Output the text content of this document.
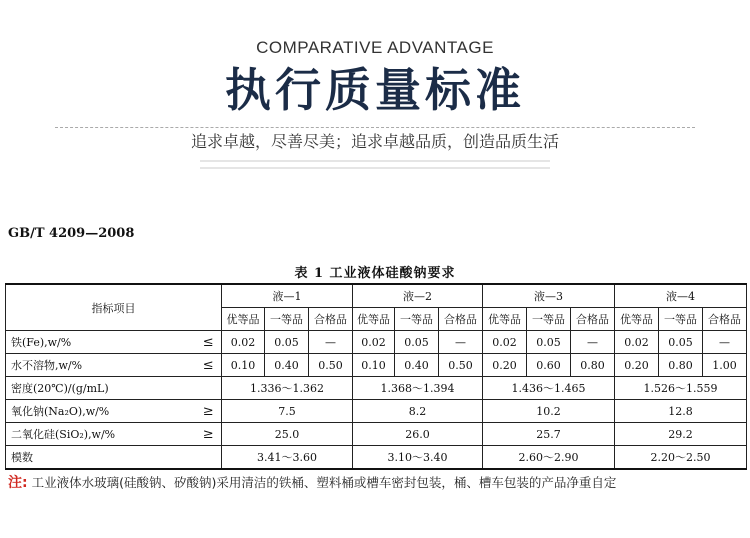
COMPARATIVE ADVANTAGE
执行质量标准
追求卓越，尽善尽美；追求卓越品质，创造品质生活
GB/T 4209—2008
表 1 工业液体硅酸钠要求
指标项目		液—1			液—2			液—3			液—4		
		优等品	一等品	合格品	优等品	一等品	合格品	优等品	一等品	合格品	优等品	一等品	合格品
铁(Fe),w/%	≤	0.02	0.05	—	0.02	0.05	—	0.02	0.05	—	0.02	0.05	—
水不溶物,w/%	≤	0.10	0.40	0.50	0.10	0.40	0.50	0.20	0.60	0.80	0.20	0.80	1.00
密度(20℃)/(g/mL)		1.336～1.362			1.368～1.394			1.436～1.465			1.526～1.559		
氧化钠(Na₂O),w/%	≥	7.5			8.2			10.2			12.8		
二氧化硅(SiO₂),w/%	≥	25.0			26.0			25.7			29.2		
模数		3.41～3.60			3.10～3.40			2.60～2.90			2.20～2.50		
注: 工业液体水玻璃(硅酸钠、矽酸钠)采用清洁的铁桶、塑料桶或槽车密封包装，桶、槽车包装的产品净重自定
